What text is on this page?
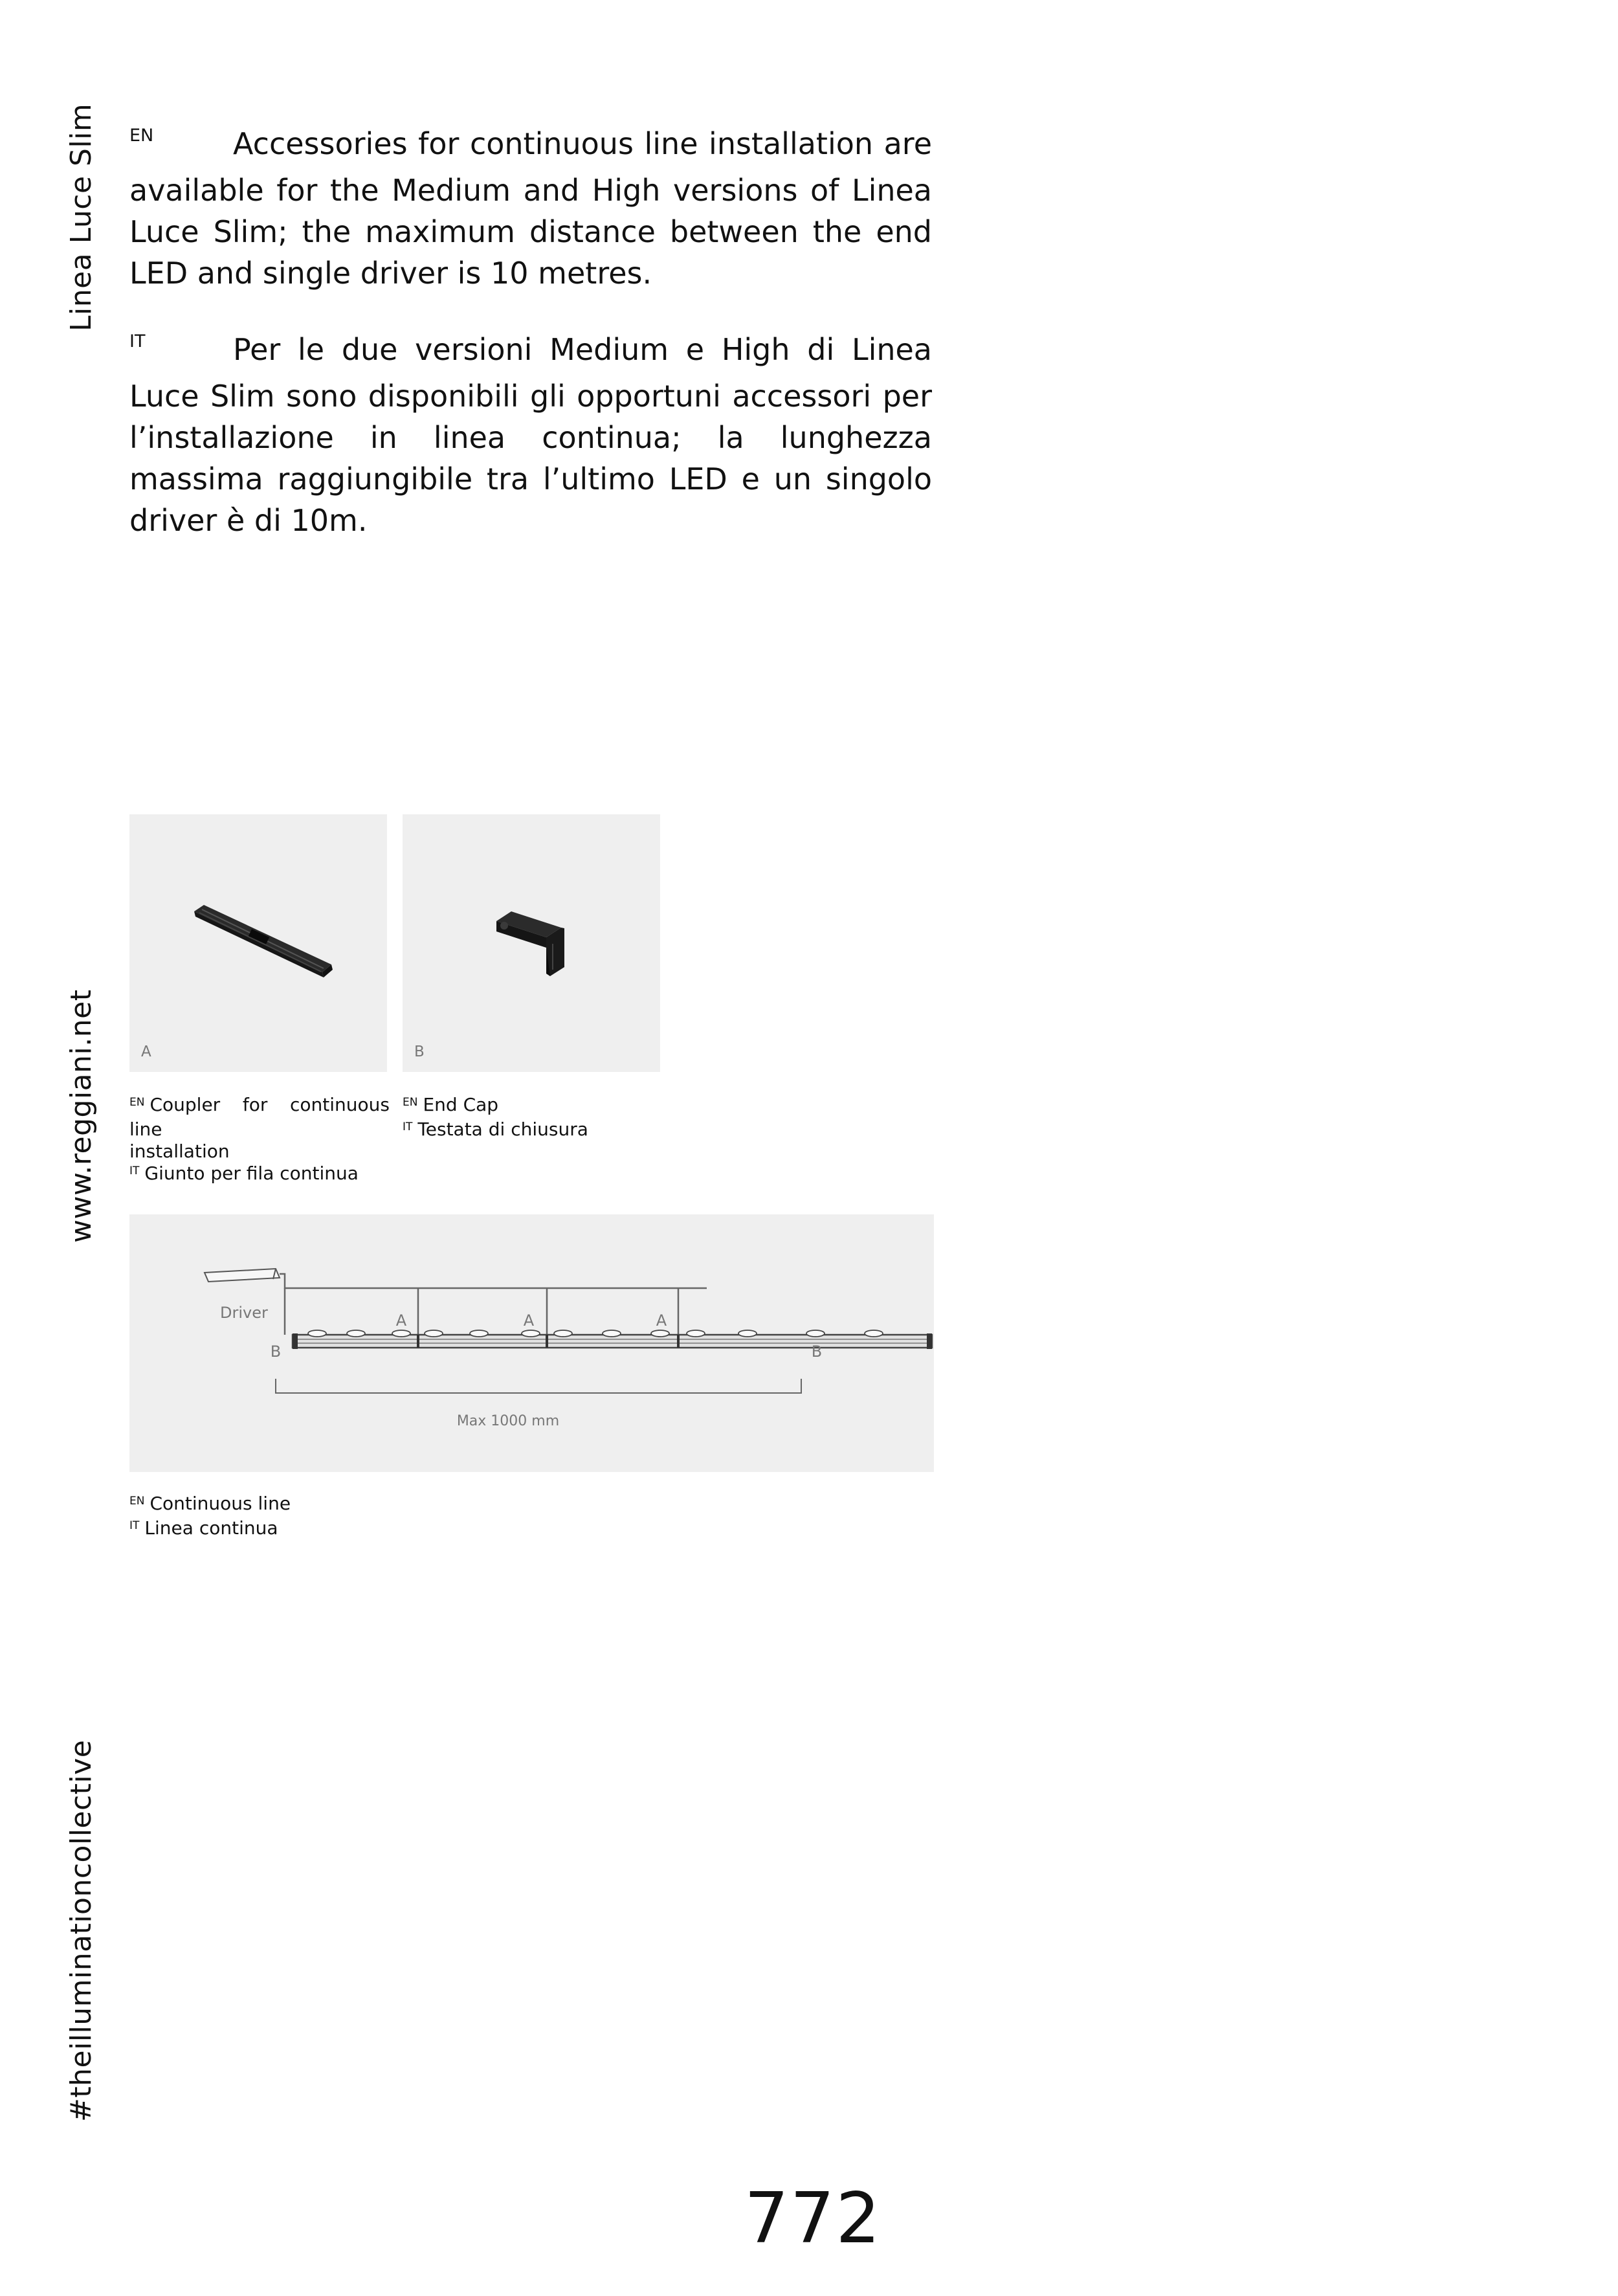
Linea Luce Slim
www.reggiani.net
#theilluminationcollective
EN	Accessories for continuous line installation are available for the Medium and High versions of Linea Luce Slim; the maximum distance between the end LED and single driver is 10 metres.
IT	Per le due versioni Medium e High di Linea Luce Slim sono disponibili gli opportuni accessori per l’installazione in linea continua; la lunghezza massima raggiungibile tra l’ultimo LED e un singolo driver è di 10m.
A	B
$^{EN}$ Coupler for continuous line
installation
$^{IT}$ Giunto per fila continua
$^{EN}$ End Cap
$^{IT}$ Testata di chiusura
Driver	A	A	A
B	B
Max 1000 mm
$^{EN}$ Continuous line
$^{IT}$ Linea continua
772
